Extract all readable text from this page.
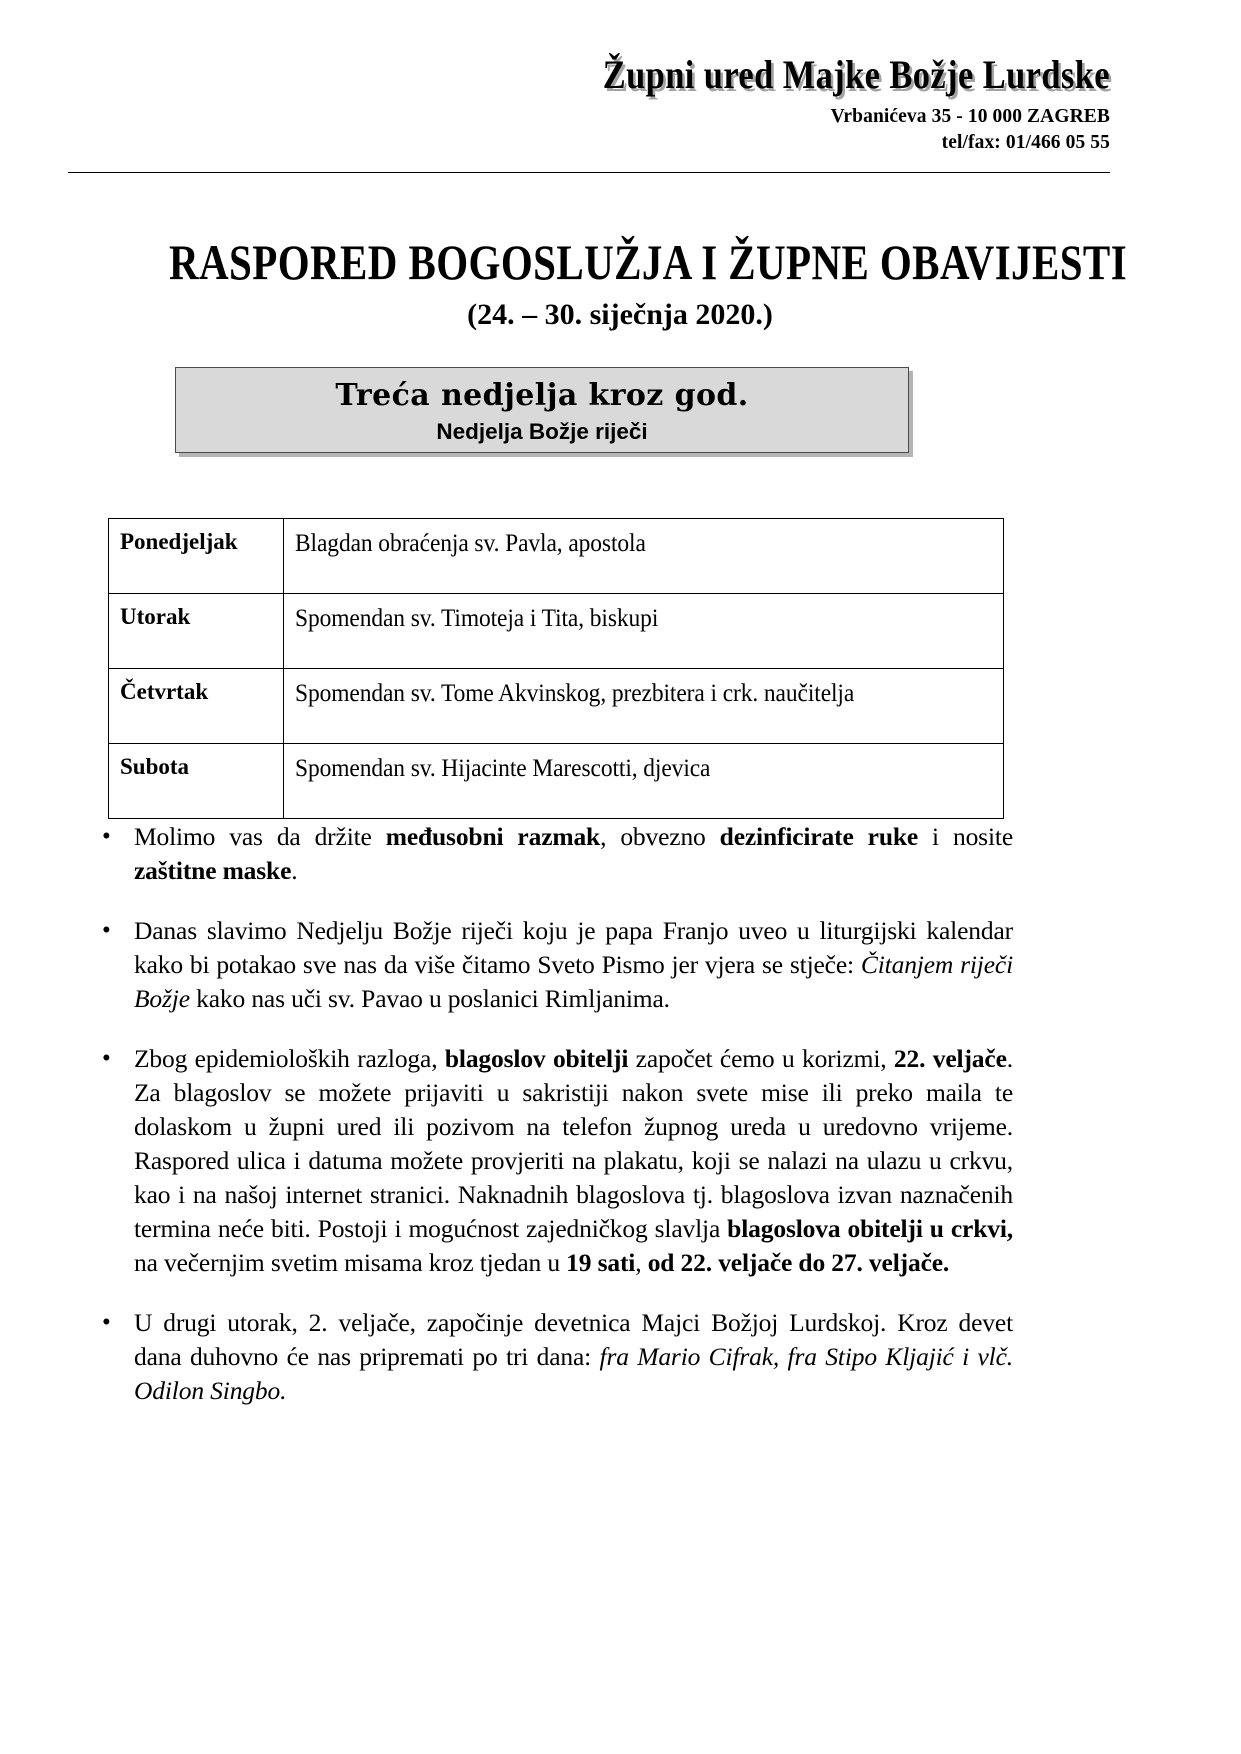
Župni ured Majke Božje Lurdske
Vrbanićeva 35 - 10 000 ZAGREB
tel/fax: 01/466 05 55
RASPORED BOGOSLUŽJA I ŽUPNE OBAVIJESTI
(24. – 30. siječnja 2020.)
Treća nedjelja kroz god.
Nedjelja Božje riječi
Ponedjeljak	Blagdan obraćenja sv. Pavla, apostola
Utorak	Spomendan sv. Timoteja i Tita, biskupi
Četvrtak	Spomendan sv. Tome Akvinskog, prezbitera i crk. naučitelja
Subota	Spomendan sv. Hijacinte Marescotti, djevica
• Molimo vas da držite međusobni razmak, obvezno dezinficirate ruke i nosite zaštitne maske.
• Danas slavimo Nedjelju Božje riječi koju je papa Franjo uveo u liturgijski kalendar kako bi potakao sve nas da više čitamo Sveto Pismo jer vjera se stječe: Čitanjem riječi Božje kako nas uči sv. Pavao u poslanici Rimljanima.
• Zbog epidemioloških razloga, blagoslov obitelji započet ćemo u korizmi, 22. veljače. Za blagoslov se možete prijaviti u sakristiji nakon svete mise ili preko maila te dolaskom u župni ured ili pozivom na telefon župnog ureda u uredovno vrijeme. Raspored ulica i datuma možete provjeriti na plakatu, koji se nalazi na ulazu u crkvu, kao i na našoj internet stranici. Naknadnih blagoslova tj. blagoslova izvan naznačenih termina neće biti. Postoji i mogućnost zajedničkog slavlja blagoslova obitelji u crkvi, na večernjim svetim misama kroz tjedan u 19 sati, od 22. veljače do 27. veljače.
• U drugi utorak, 2. veljače, započinje devetnica Majci Božjoj Lurdskoj. Kroz devet dana duhovno će nas pripremati po tri dana: fra Mario Cifrak, fra Stipo Kljajić i vlč. Odilon Singbo.
